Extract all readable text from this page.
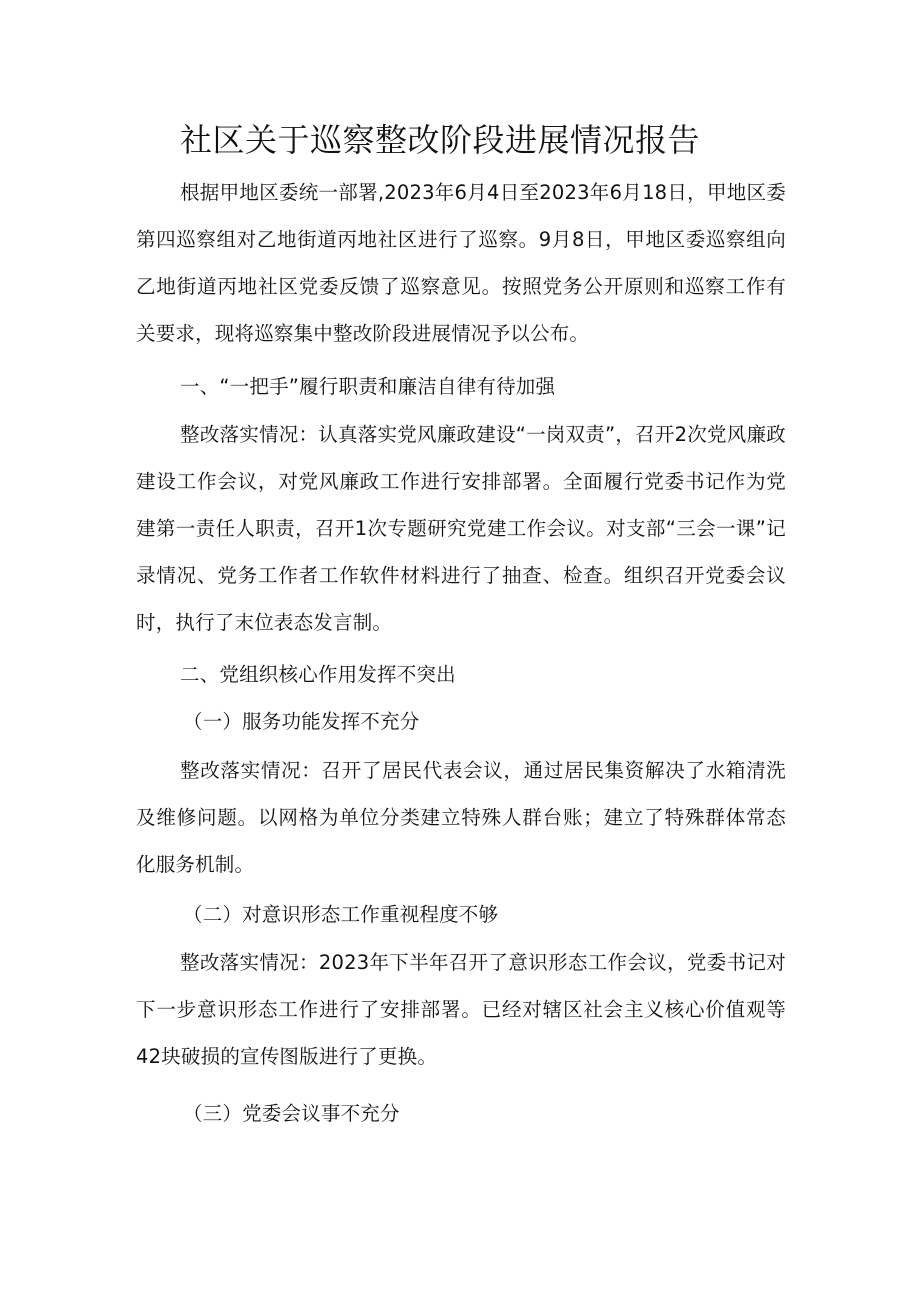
社区关于巡察整改阶段进展情况报告

根据甲地区委统一部署,2023年6月4日至2023年6月18日，甲地区委第四巡察组对乙地街道丙地社区进行了巡察。9月8日，甲地区委巡察组向乙地街道丙地社区党委反馈了巡察意见。按照党务公开原则和巡察工作有关要求，现将巡察集中整改阶段进展情况予以公布。

一、“一把手”履行职责和廉洁自律有待加强

整改落实情况：认真落实党风廉政建设“一岗双责”，召开2次党风廉政建设工作会议，对党风廉政工作进行安排部署。全面履行党委书记作为党建第一责任人职责，召开1次专题研究党建工作会议。对支部“三会一课”记录情况、党务工作者工作软件材料进行了抽查、检查。组织召开党委会议时，执行了末位表态发言制。

二、党组织核心作用发挥不突出

（一）服务功能发挥不充分

整改落实情况：召开了居民代表会议，通过居民集资解决了水箱清洗及维修问题。以网格为单位分类建立特殊人群台账；建立了特殊群体常态化服务机制。

（二）对意识形态工作重视程度不够

整改落实情况：2023年下半年召开了意识形态工作会议，党委书记对下一步意识形态工作进行了安排部署。已经对辖区社会主义核心价值观等42块破损的宣传图版进行了更换。

（三）党委会议事不充分
